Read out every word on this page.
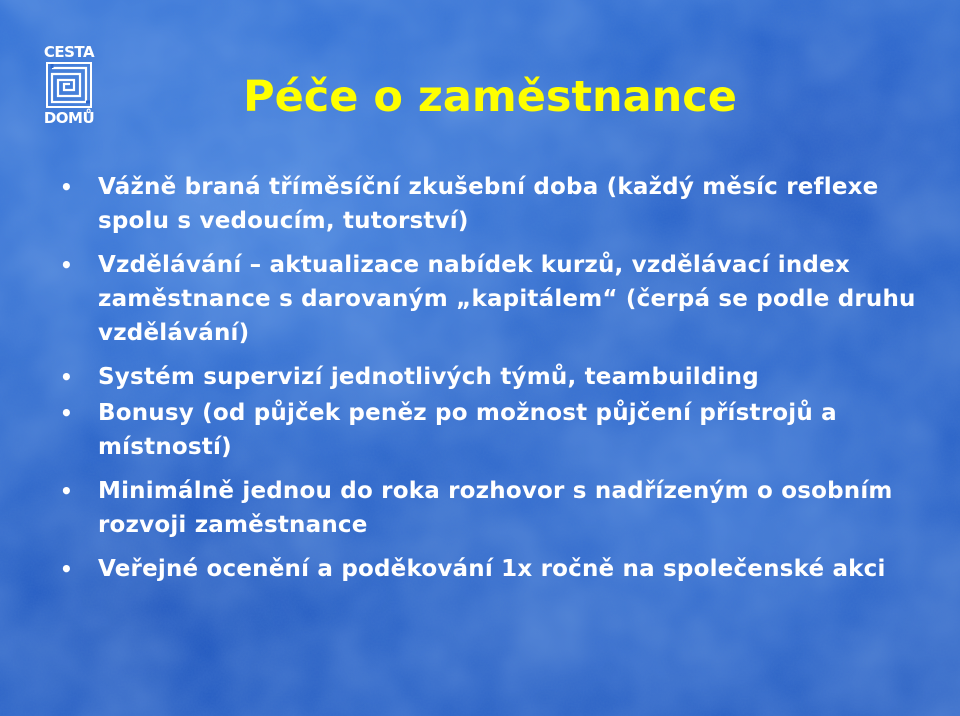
CESTA
DOMŮ	Péče o zaměstnance
• Vážně braná tříměsíční zkušební doba (každý měsíc reflexe spolu s vedoucím, tutorství)
• Vzdělávání – aktualizace nabídek kurzů, vzdělávací index zaměstnance s darovaným „kapitálem“ (čerpá se podle druhu vzdělávání)
• Systém supervizí jednotlivých týmů, teambuilding
• Bonusy (od půjček peněz po možnost půjčení přístrojů a místností)
• Minimálně jednou do roka rozhovor s nadřízeným o osobním rozvoji zaměstnance
• Veřejné ocenění a poděkování 1x ročně na společenské akci
